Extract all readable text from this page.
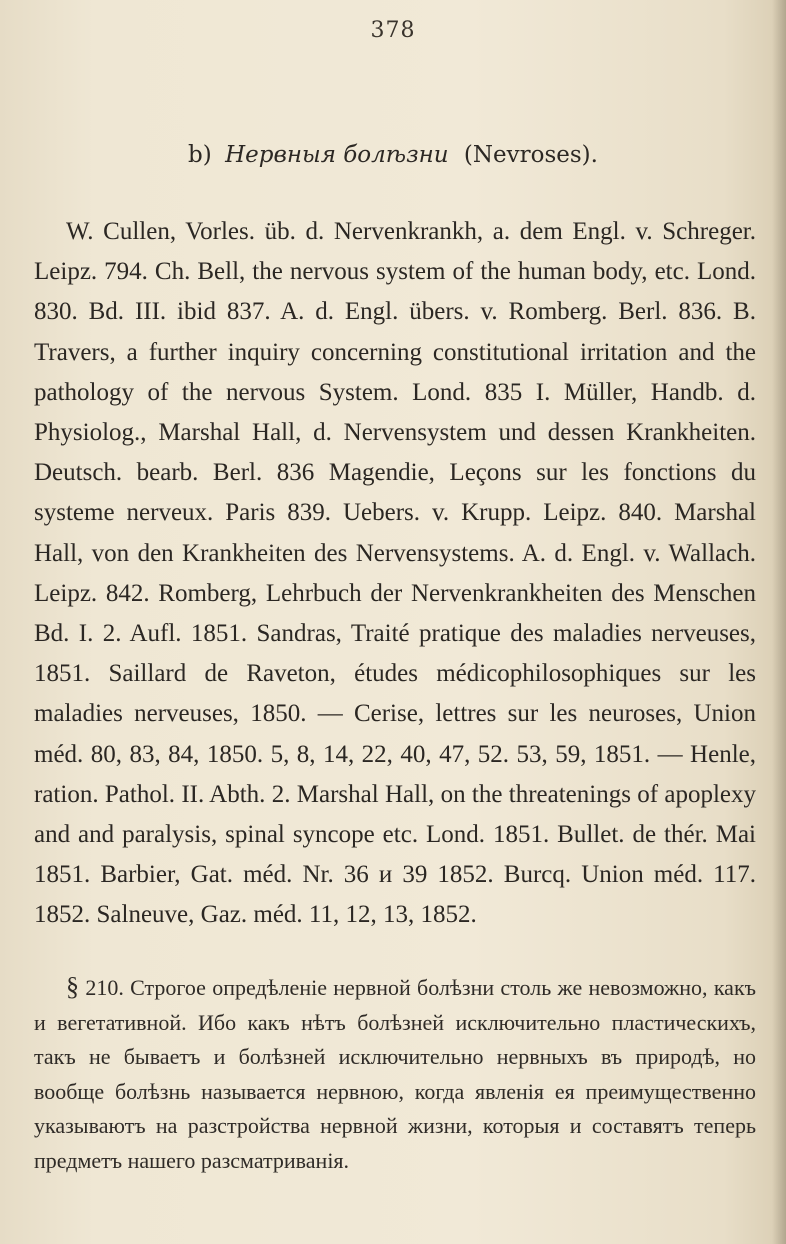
378
b) Нервныя болѣзни (Nevroses).

W. Cullen, Vorles. üb. d. Nervenkrankh, a. dem Engl. v. Schreger. Leipz. 794. Ch. Bell, the nervous system of the human body, etc. Lond. 830. Bd. III. ibid 837. A. d. Engl. übers. v. Romberg. Berl. 836. B. Travers, a further inquiry concerning constitutional irritation and the pathology of the nervous System. Lond. 835 I. Müller, Handb. d. Physiolog., Marshal Hall, d. Nervensystem und dessen Krankheiten. Deutsch. bearb. Berl. 836 Magendie, Leçons sur les fonctions du systeme nerveux. Paris 839. Uebers. v. Krupp. Leipz. 840. Marshal Hall, von den Krankheiten des Nervensystems. A. d. Engl. v. Wallach. Leipz. 842. Romberg, Lehrbuch der Nervenkrankheiten des Menschen Bd. I. 2. Aufl. 1851. Sandras, Traité pratique des maladies nerveuses, 1851. Saillard de Raveton, études médicophilosophiques sur les maladies nerveuses, 1850. — Cerise, lettres sur les neuroses, Union méd. 80, 83, 84, 1850. 5, 8, 14, 22, 40, 47, 52. 53, 59, 1851. — Henle, ration. Pathol. II. Abth. 2. Marshal Hall, on the threatenings of apoplexy and and paralysis, spinal syncope etc. Lond. 1851. Bullet. de thér. Mai 1851. Barbier, Gat. méd. Nr. 36 и 39 1852. Burcq. Union méd. 117. 1852. Salneuve, Gaz. méd. 11, 12, 13, 1852.

§ 210. Строгое опредѣленіе нервной болѣзни столь же невозможно, какъ и вегетативной. Ибо какъ нѣтъ болѣзней исключительно пластическихъ, такъ не бываетъ и болѣзней исключительно нервныхъ въ природѣ, но вообще болѣзнь называется нервною, когда явленія ея преимущественно указываютъ на разстройства нервной жизни, которыя и составятъ теперь предметъ нашего разсматриванія.
